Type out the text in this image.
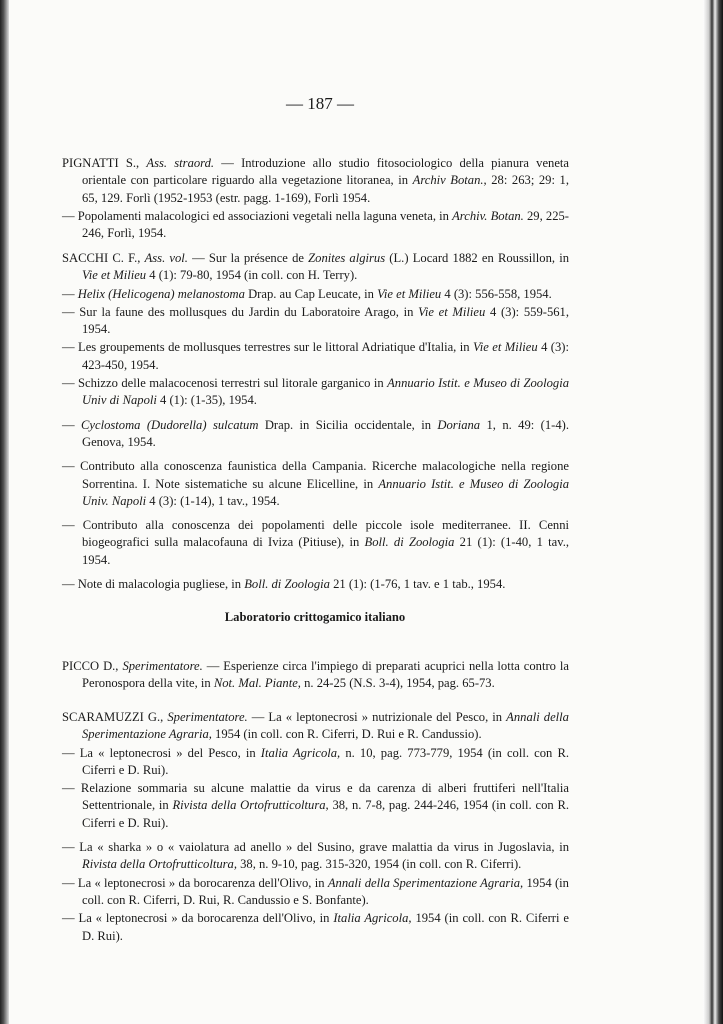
— 187 —
PIGNATTI S., Ass. straord. — Introduzione allo studio fitosociologico della pianura veneta orientale con particolare riguardo alla vegetazione litoranea, in Archiv Botan., 28: 263; 29: 1, 65, 129. Forlì (1952-1953 (estr. pagg. 1-169), Forlì 1954.
— Popolamenti malacologici ed associazioni vegetali nella laguna veneta, in Archiv. Botan. 29, 225-246, Forlì, 1954.
SACCHI C. F., Ass. vol. — Sur la présence de Zonites algirus (L.) Locard 1882 en Roussillon, in Vie et Milieu 4 (1): 79-80, 1954 (in coll. con H. Terry).
— Helix (Helicogena) melanostoma Drap. au Cap Leucate, in Vie et Milieu 4 (3): 556-558, 1954.
— Sur la faune des mollusques du Jardin du Laboratoire Arago, in Vie et Milieu 4 (3): 559-561, 1954.
— Les groupements de mollusques terrestres sur le littoral Adriatique d'Italia, in Vie et Milieu 4 (3): 423-450, 1954.
— Schizzo delle malacocenosi terrestri sul litorale garganico in Annuario Istit. e Museo di Zoologia Univ di Napoli 4 (1): (1-35), 1954.
— Cyclostoma (Dudorella) sulcatum Drap. in Sicilia occidentale, in Doriana 1, n. 49: (1-4). Genova, 1954.
— Contributo alla conoscenza faunistica della Campania. Ricerche malacologiche nella regione Sorrentina. I. Note sistematiche su alcune Elicelline, in Annuario Istit. e Museo di Zoologia Univ. Napoli 4 (3): (1-14), 1 tav., 1954.
— Contributo alla conoscenza dei popolamenti delle piccole isole mediterranee. II. Cenni biogeografici sulla malacofauna di Iviza (Pitiuse), in Boll. di Zoologia 21 (1): (1-40, 1 tav., 1954.
— Note di malacologia pugliese, in Boll. di Zoologia 21 (1): (1-76, 1 tav. e 1 tab., 1954.
Laboratorio crittogamico italiano
PICCO D., Sperimentatore. — Esperienze circa l'impiego di preparati acuprici nella lotta contro la Peronospora della vite, in Not. Mal. Piante, n. 24-25 (N.S. 3-4), 1954, pag. 65-73.
SCARAMUZZI G., Sperimentatore. — La « leptonecrosi » nutrizionale del Pesco, in Annali della Sperimentazione Agraria, 1954 (in coll. con R. Ciferri, D. Rui e R. Candussio).
— La « leptonecrosi » del Pesco, in Italia Agricola, n. 10, pag. 773-779, 1954 (in coll. con R. Ciferri e D. Rui).
— Relazione sommaria su alcune malattie da virus e da carenza di alberi fruttiferi nell'Italia Settentrionale, in Rivista della Ortofrutticoltura, 38, n. 7-8, pag. 244-246, 1954 (in coll. con R. Ciferri e D. Rui).
— La « sharka » o « vaiolatura ad anello » del Susino, grave malattia da virus in Jugoslavia, in Rivista della Ortofrutticoltura, 38, n. 9-10, pag. 315-320, 1954 (in coll. con R. Ciferri).
— La « leptonecrosi » da borocarenza dell'Olivo, in Annali della Sperimentazione Agraria, 1954 (in coll. con R. Ciferri, D. Rui, R. Candussio e S. Bonfante).
— La « leptonecrosi » da borocarenza dell'Olivo, in Italia Agricola, 1954 (in coll. con R. Ciferri e D. Rui).
